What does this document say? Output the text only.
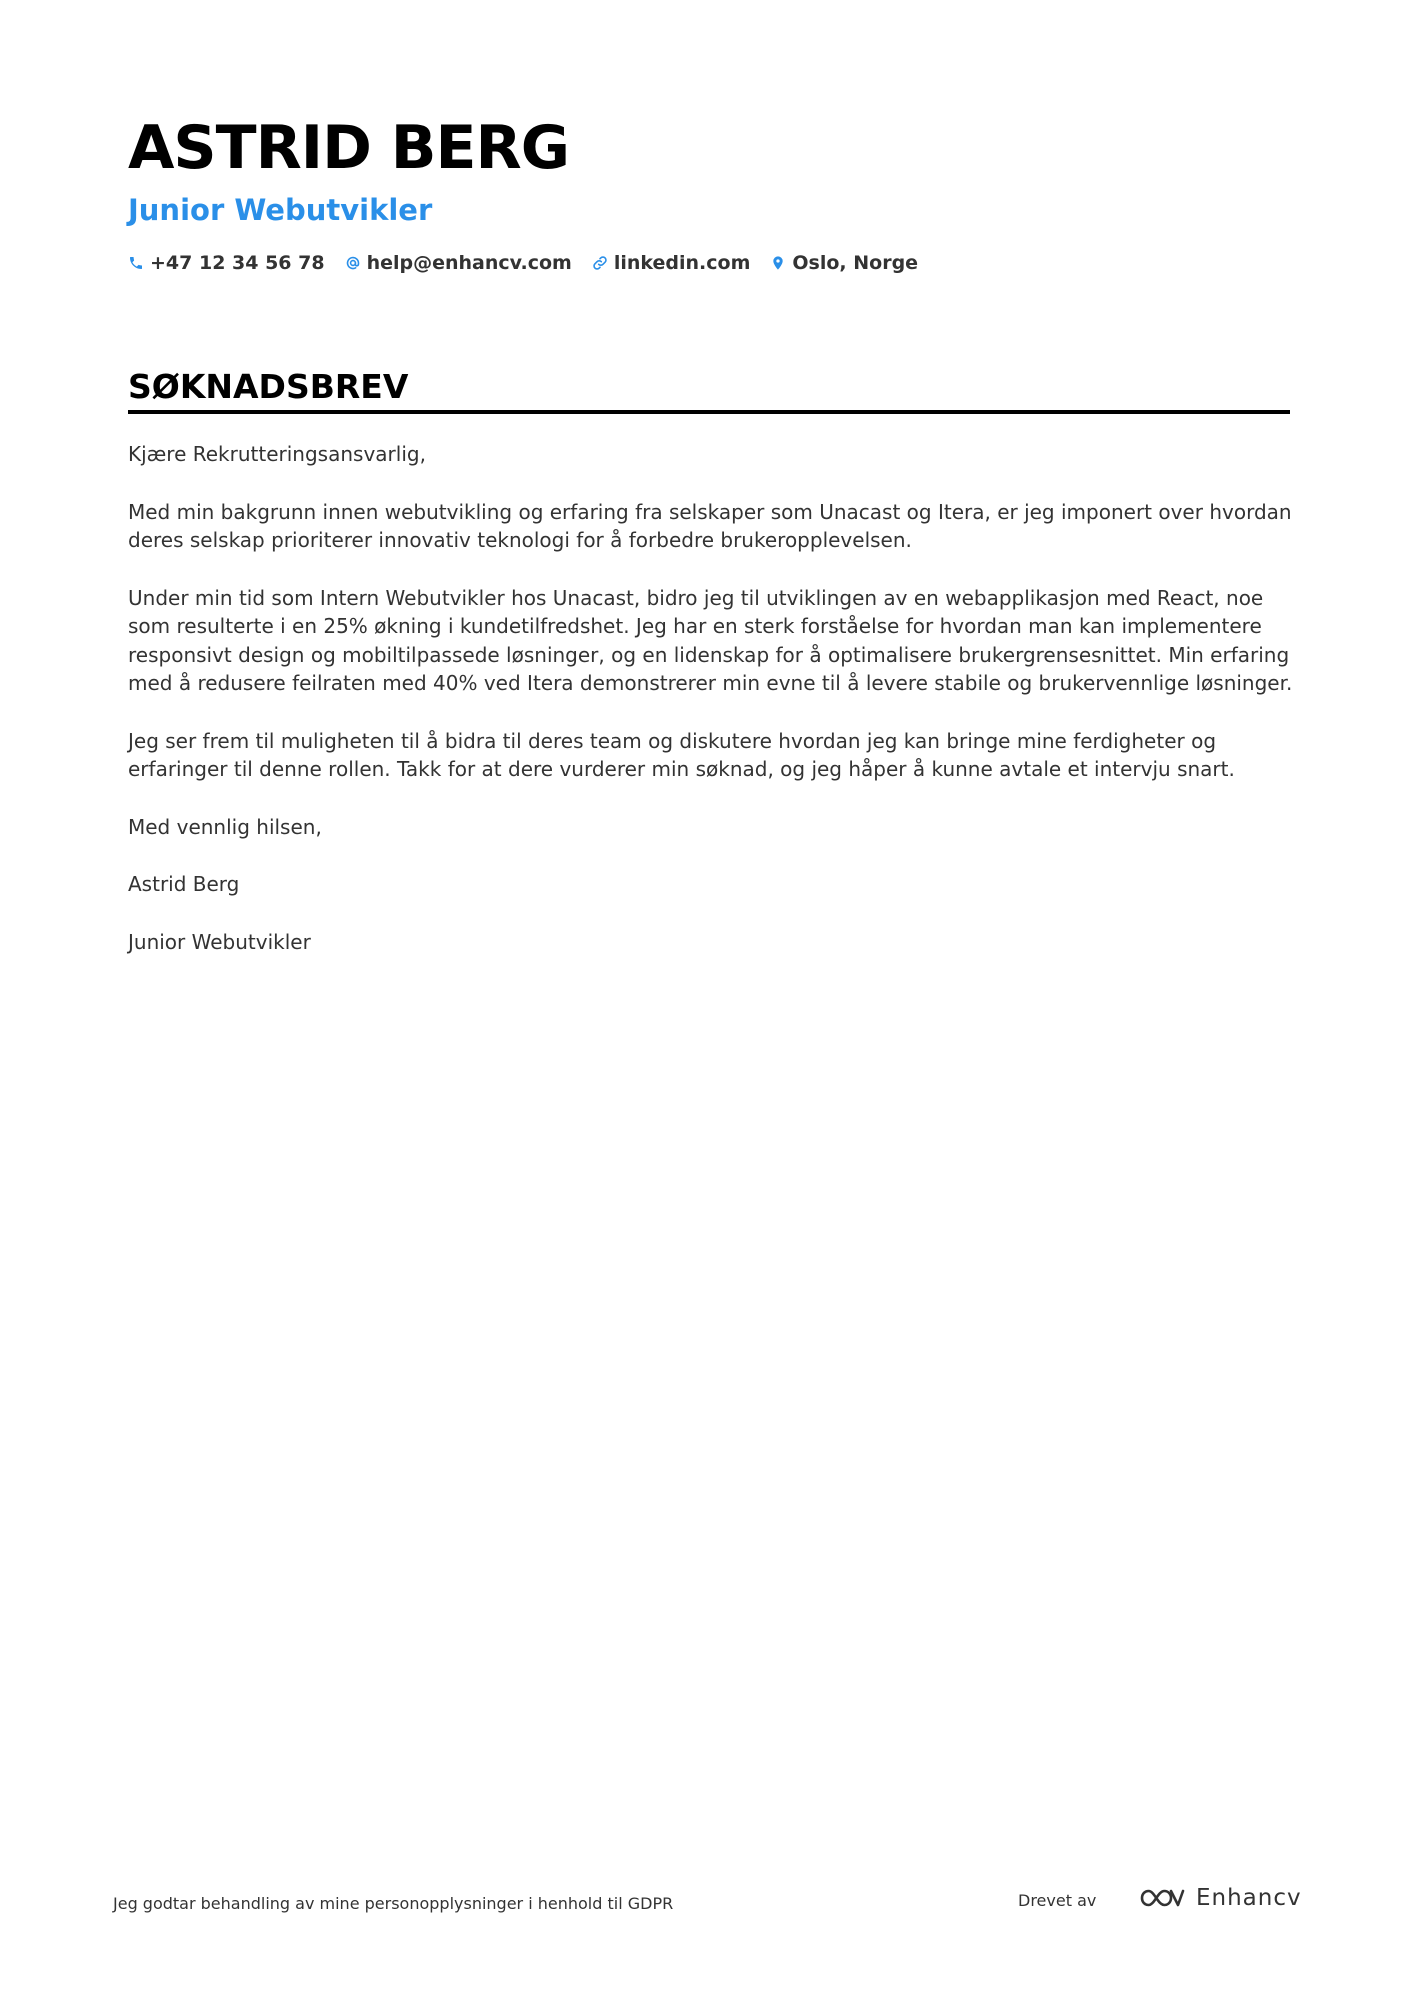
ASTRID BERG
Junior Webutvikler
+47 12 34 56 78 help@enhancv.com linkedin.com Oslo, Norge
SØKNADSBREV

Kjære Rekrutteringsansvarlig,

Med min bakgrunn innen webutvikling og erfaring fra selskaper som Unacast og Itera, er jeg imponert over hvordan deres selskap prioriterer innovativ teknologi for å forbedre brukeropplevelsen.

Under min tid som Intern Webutvikler hos Unacast, bidro jeg til utviklingen av en webapplikasjon med React, noe som resulterte i en 25% økning i kundetilfredshet. Jeg har en sterk forståelse for hvordan man kan implementere responsivt design og mobiltilpassede løsninger, og en lidenskap for å optimalisere brukergrensesnittet. Min erfaring med å redusere feilraten med 40% ved Itera demonstrerer min evne til å levere stabile og brukervennlige løsninger.

Jeg ser frem til muligheten til å bidra til deres team og diskutere hvordan jeg kan bringe mine ferdigheter og erfaringer til denne rollen. Takk for at dere vurderer min søknad, og jeg håper å kunne avtale et intervju snart.

Med vennlig hilsen,

Astrid Berg

Junior Webutvikler

Jeg godtar behandling av mine personopplysninger i henhold til GDPR	Drevet av	Enhancv
